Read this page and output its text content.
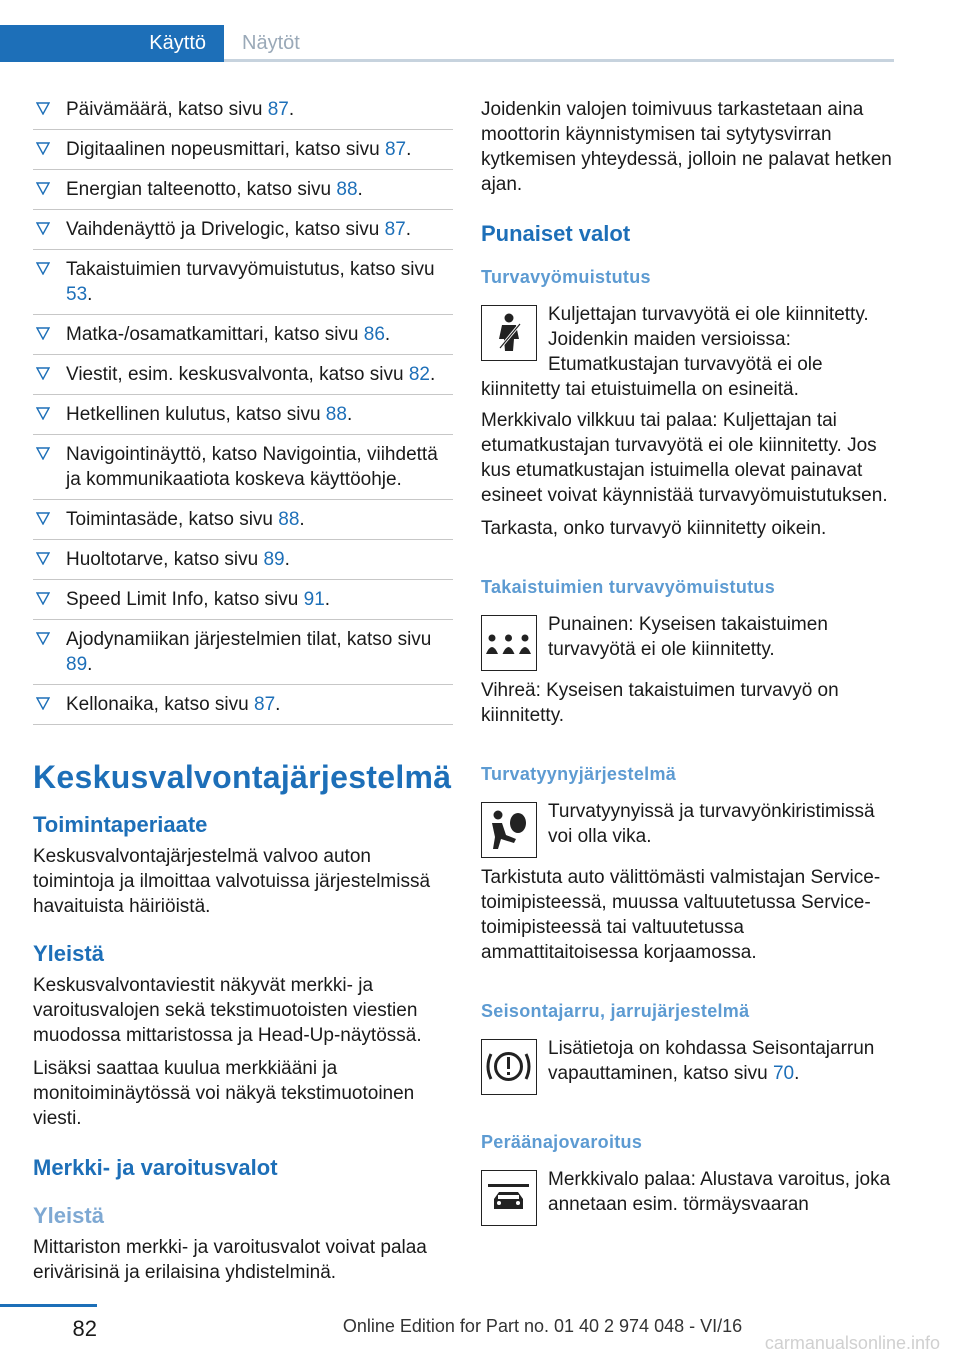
Käyttö	Näytöt
Päivämäärä, katso sivu 87.
Digitaalinen nopeusmittari, katso sivu 87.
Energian talteenotto, katso sivu 88.
Vaihdenäyttö ja Drivelogic, katso sivu 87.
Takaistuimien turvavyömuistutus, katso sivu 53.
Matka-/osamatkamittari, katso sivu 86.
Viestit, esim. keskusvalvonta, katso sivu 82.
Hetkellinen kulutus, katso sivu 88.
Navigointinäyttö, katso Navigointia, viihdettä ja kommunikaatiota koskeva käyttöohje.
Toimintasäde, katso sivu 88.
Huoltotarve, katso sivu 89.
Speed Limit Info, katso sivu 91.
Ajodynamiikan järjestelmien tilat, katso sivu 89.
Kellonaika, katso sivu 87.
Keskusvalvontajärjestelmä
Toimintaperiaate
Keskusvalvontajärjestelmä valvoo auton toimintoja ja ilmoittaa valvotuissa järjestelmissä havaituista häiriöistä.
Yleistä
Keskusvalvontaviestit näkyvät merkki- ja varoitusvalojen sekä tekstimuotoisten viestien muodossa mittaristossa ja Head-Up-näytössä.
Lisäksi saattaa kuulua merkkiääni ja monitoiminäytössä voi näkyä tekstimuotoinen viesti.
Merkki- ja varoitusvalot
Yleistä
Mittariston merkki- ja varoitusvalot voivat palaa erivärisinä ja erilaisina yhdistelminä.
Joidenkin valojen toimivuus tarkastetaan aina moottorin käynnistymisen tai sytytysvirran kytkemisen yhteydessä, jolloin ne palavat hetken ajan.
Punaiset valot
Turvavyömuistutus
Kuljettajan turvavyötä ei ole kiinnitetty. Joidenkin maiden versioissa: Etumatkustajan turvavyötä ei ole kiinnitetty tai etuistuimella on esineitä.
Merkkivalo vilkkuu tai palaa: Kuljettajan tai etumatkustajan turvavyötä ei ole kiinnitetty. Jos kus etumatkustajan istuimella olevat painavat esineet voivat käynnistää turvavyömuistutuksen.
Tarkasta, onko turvavyö kiinnitetty oikein.
Takaistuimien turvavyömuistutus
Punainen: Kyseisen takaistuimen turvavyötä ei ole kiinnitetty.
Vihreä: Kyseisen takaistuimen turvavyö on kiinnitetty.
Turvatyynyjärjestelmä
Turvatyynyissä ja turvavyönkiristimissä voi olla vika.
Tarkistuta auto välittömästi valmistajan Service-toimipisteessä, muussa valtuutetussa Service-toimipisteessä tai valtuutetussa ammattitaitoisessa korjaamossa.
Seisontajarru, jarrujärjestelmä
Lisätietoja on kohdassa Seisontajarrun vapauttaminen, katso sivu 70.
Peräänajovaroitus
Merkkivalo palaa: Alustava varoitus, joka annetaan esim. törmäysvaaran
82	Online Edition for Part no. 01 40 2 974 048 - VI/16
carmanualsonline.info
